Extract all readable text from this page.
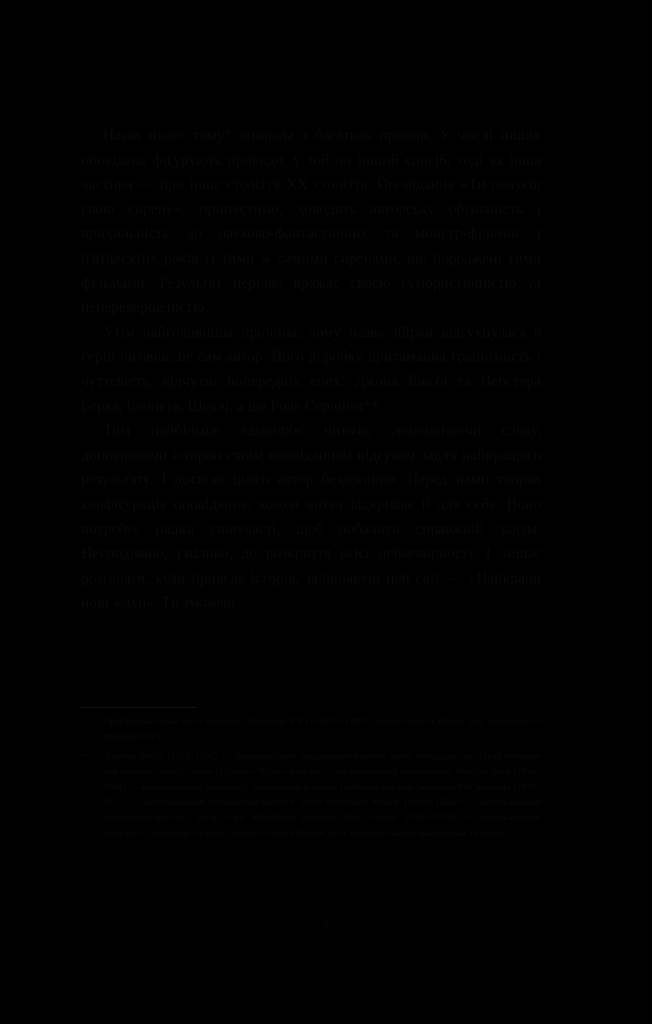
Назва цього тому* виникла з багатьох причин. У числі інших оповідань фігурують привиди, у той чи інший спосіб, тоді як інша частина — про інше століття XX століття. Оповідання «Ти почуєш свою сирену», припустимо, доводить авторську обізнаність і прихильність до науково-фантастичних та монстр-фільмів з п'ятдесятих років із тими ж самими сиренами, що породжені тими фільмами. Результат нерідко вражає своєю гумористичністю та неперевершеністю.

Утім найголовніша причина, чому назва збірки відгукнулася в серці читачів, це сам автор. Його доробку притаманна граціозність і чуттєвість, відчутні попередніх епох: Джона Біксбі та Вебстера Берка, Беннета, Шеклі, а ще Роде Серлінга**.

Тим найбільше захоплює читача, допомагаючи слову, доповнюючи історію своїм оповіданням відгуком задля найкращого результату. І досягає цього автор бездоганно. Перед нами творча конфігурація оповідання, кожен читач відкриває її для себе. Воно потребує нашої співучасті, щоб побачити справжній задум. Несподівано, сміливо, до розкриття всієї неймовірності. І лишає розгадати, куди приведе історія, залишаючи цей світ — «Найкращі нові жахи». Ти зможеш

* Оригінальна назва цього видання: «Привиди XX століття» (2005 Century Ghosts). (Прим. ред. перекладу та видавництва.)
** Джером Біксбі (1923–1998) — американський письменник-фантаст, автор оповідань, що стали основою для епізодів серіалу «Зона сутінків»; Чарльз Бомонт — американський письменник; Вебстер Берк (1926–2004) — американський сценарист, письменник-фантаст, найбільш відомий роботою; Рей Бредбері (1920–2012) — американський письменник-фантаст, автор класичних творів; Роберт Шеклі — американський письменник-фантаст, автор серії «Корабель пригод»; Род Серлінг (1924–1975) — американський сценарист, продюсер, творець серіалу «Зона сутінків», що є класикою жанру фантастики та жахів.
9
